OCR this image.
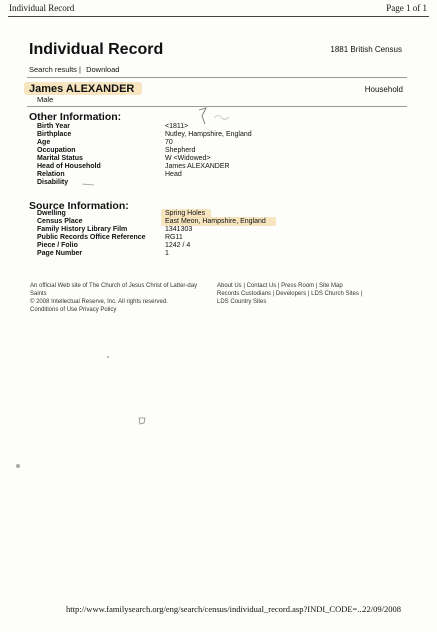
Individual Record	Page 1 of 1
Individual Record	1881 British Census
Search results | Download
James ALEXANDER	Household
Male
Other Information:
Birth Year	<1811>
Birthplace	Nutley, Hampshire, England
Age	70
Occupation	Shepherd
Marital Status	W <Widowed>
Head of Household	James ALEXANDER
Relation	Head
Disability
Source Information:
Dwelling	Spring Holes
Census Place	East Meon, Hampshire, England
Family History Library Film	1341303
Public Records Office Reference	RG11
Piece / Folio	1242 / 4
Page Number	1
An official Web site of The Church of Jesus Christ of Latter-day Saints
© 2008 Intellectual Reserve, Inc. All rights reserved.
Conditions of Use Privacy Policy
About Us | Contact Us | Press Room | Site Map
Records Custodians | Developers | LDS Church Sites |
LDS Country Sites
http://www.familysearch.org/eng/search/census/individual_record.asp?INDI_CODE=...
22/09/2008
